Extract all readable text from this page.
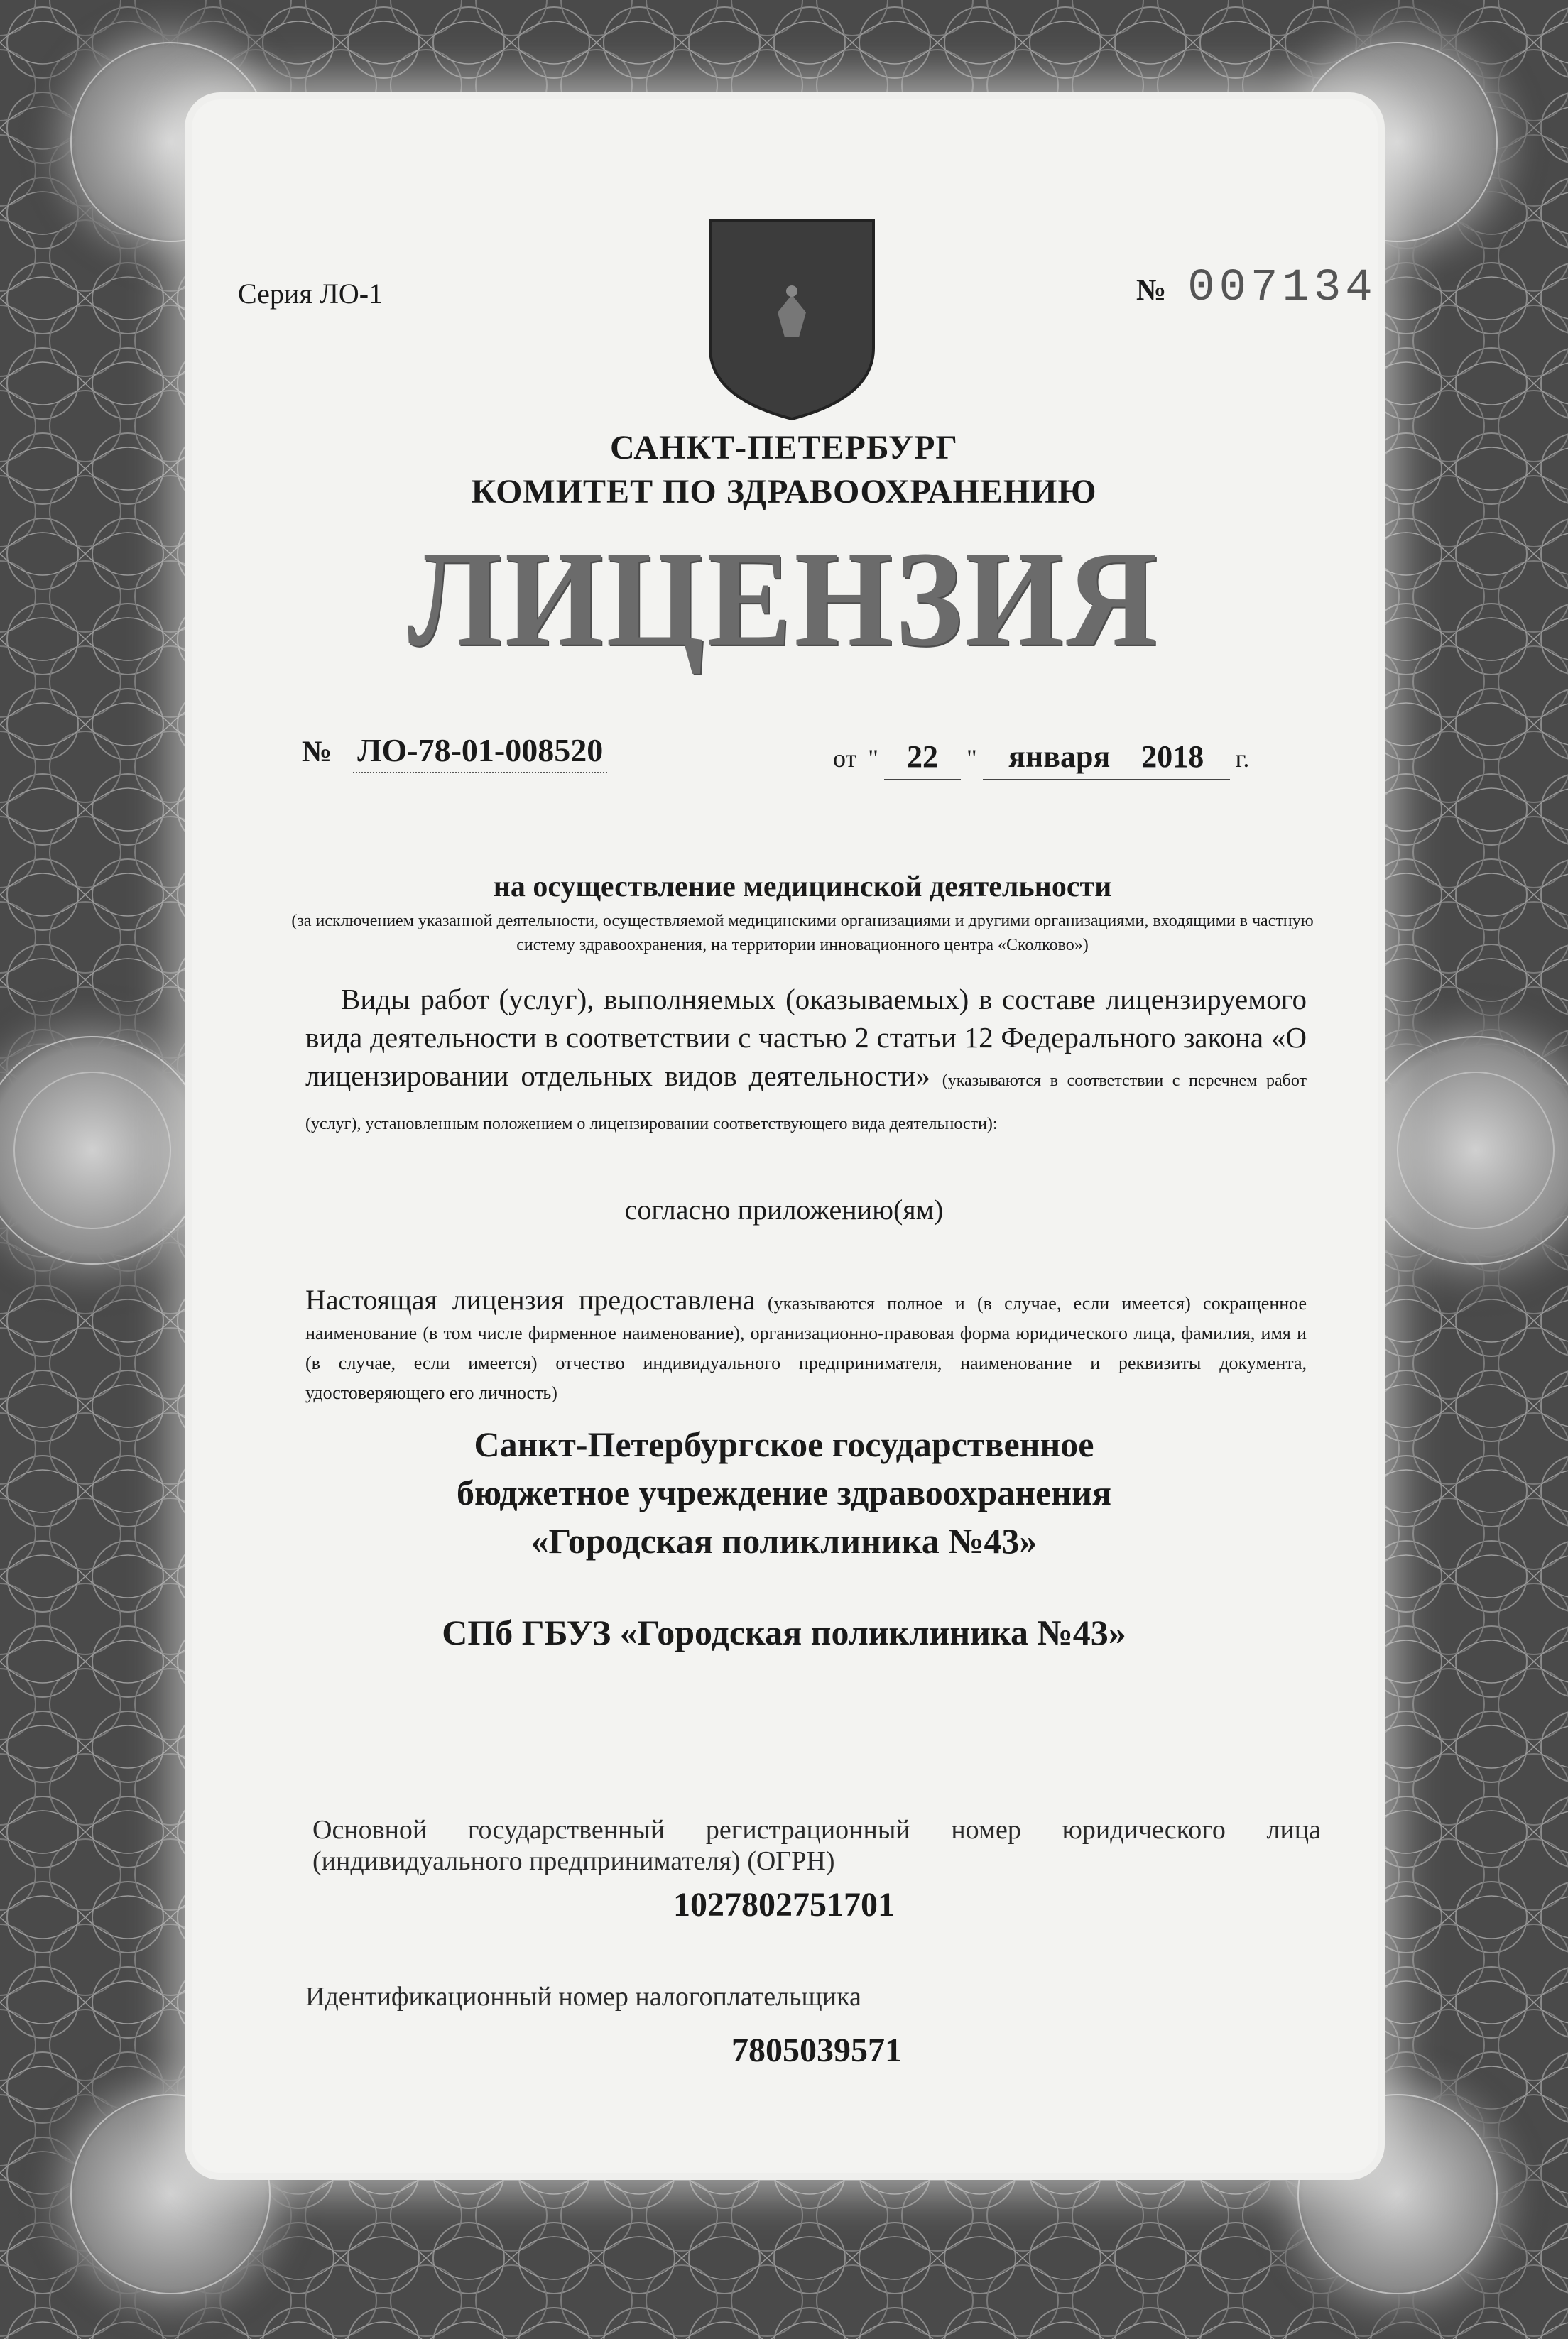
Серия ЛО-1	№ 007134
САНКТ-ПЕТЕРБУРГ
КОМИТЕТ ПО ЗДРАВООХРАНЕНИЮ
ЛИЦЕНЗИЯ
№ ЛО-78-01-008520	от " 22	"	января 2018	г.
на осуществление медицинской деятельности
(за исключением указанной деятельности, осуществляемой медицинскими организациями и другими организациями, входящими в частную систему здравоохранения, на территории инновационного центра «Сколково»)
Виды работ (услуг), выполняемых (оказываемых) в составе лицензируемого вида деятельности в соответствии с частью 2 статьи 12 Федерального закона «О лицензировании отдельных видов деятельности» (указываются в соответствии с перечнем работ (услуг), установленным положением о лицензировании соответствующего вида деятельности):
согласно приложению(ям)
Настоящая лицензия предоставлена (указываются полное и (в случае, если имеется) сокращенное наименование (в том числе фирменное наименование), организационно-правовая форма юридического лица, фамилия, имя и (в случае, если имеется) отчество индивидуального предпринимателя, наименование и реквизиты документа, удостоверяющего его личность)
Санкт-Петербургское государственное
бюджетное учреждение здравоохранения
«Городская поликлиника №43»
СПб ГБУЗ «Городская поликлиника №43»
Основной государственный регистрационный номер юридического лица (индивидуального предпринимателя) (ОГРН)
1027802751701
Идентификационный номер налогоплательщика
7805039571
